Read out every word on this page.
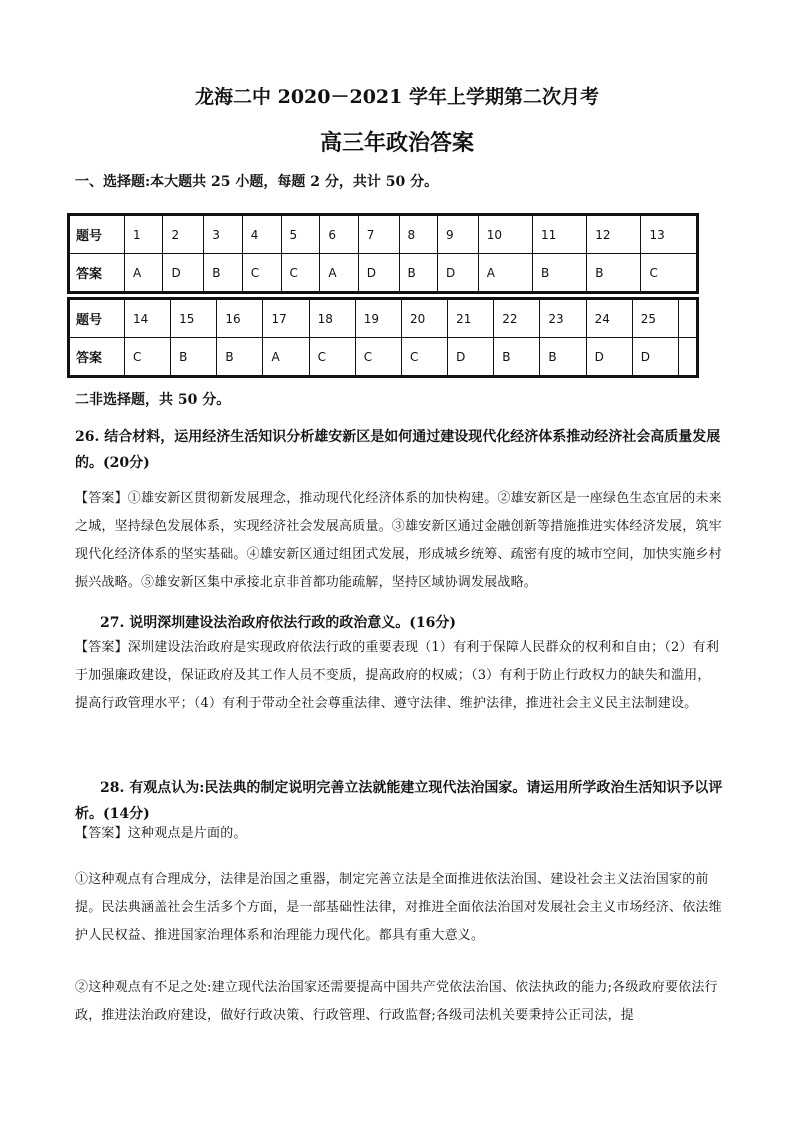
龙海二中 2020－2021 学年上学期第二次月考
高三年政治答案
一、选择题:本大题共 25 小题，每题 2 分，共计 50 分。
题号	1	2	3	4	5	6	7	8	9	10	11	12	13
答案	A	D	B	C	C	A	D	B	D	A	B	B	C
题号	14	15	16	17	18	19	20	21	22	23	24	25	
答案	C	B	B	A	C	C	C	D	B	B	D	D	
二非选择题，共 50 分。
26. 结合材料，运用经济生活知识分析雄安新区是如何通过建设现代化经济体系推动经济社会高质量发展的。(20分)
【答案】①雄安新区贯彻新发展理念，推动现代化经济体系的加快构建。②雄安新区是一座绿色生态宜居的未来之城，坚持绿色发展体系，实现经济社会发展高质量。③雄安新区通过金融创新等措施推进实体经济发展，筑牢现代化经济体系的坚实基础。④雄安新区通过组团式发展，形成城乡统筹、疏密有度的城市空间，加快实施乡村振兴战略。⑤雄安新区集中承接北京非首都功能疏解，坚持区域协调发展战略。
27. 说明深圳建设法治政府依法行政的政治意义。(16分)
【答案】深圳建设法治政府是实现政府依法行政的重要表现（1）有利于保障人民群众的权利和自由；（2）有利于加强廉政建设，保证政府及其工作人员不变质，提高政府的权威；（3）有利于防止行政权力的缺失和滥用，提高行政管理水平；（4）有利于带动全社会尊重法律、遵守法律、维护法律，推进社会主义民主法制建设。
28. 有观点认为:民法典的制定说明完善立法就能建立现代法治国家。请运用所学政治生活知识予以评析。(14分)
【答案】这种观点是片面的。
①这种观点有合理成分，法律是治国之重器，制定完善立法是全面推进依法治国、建设社会主义法治国家的前提。民法典涵盖社会生活多个方面，是一部基础性法律，对推进全面依法治国对发展社会主义市场经济、依法维护人民权益、推进国家治理体系和治理能力现代化。都具有重大意义。
②这种观点有不足之处:建立现代法治国家还需要提高中国共产党依法治国、依法执政的能力;各级政府要依法行政，推进法治政府建设，做好行政决策、行政管理、行政监督;各级司法机关要秉持公正司法，提
